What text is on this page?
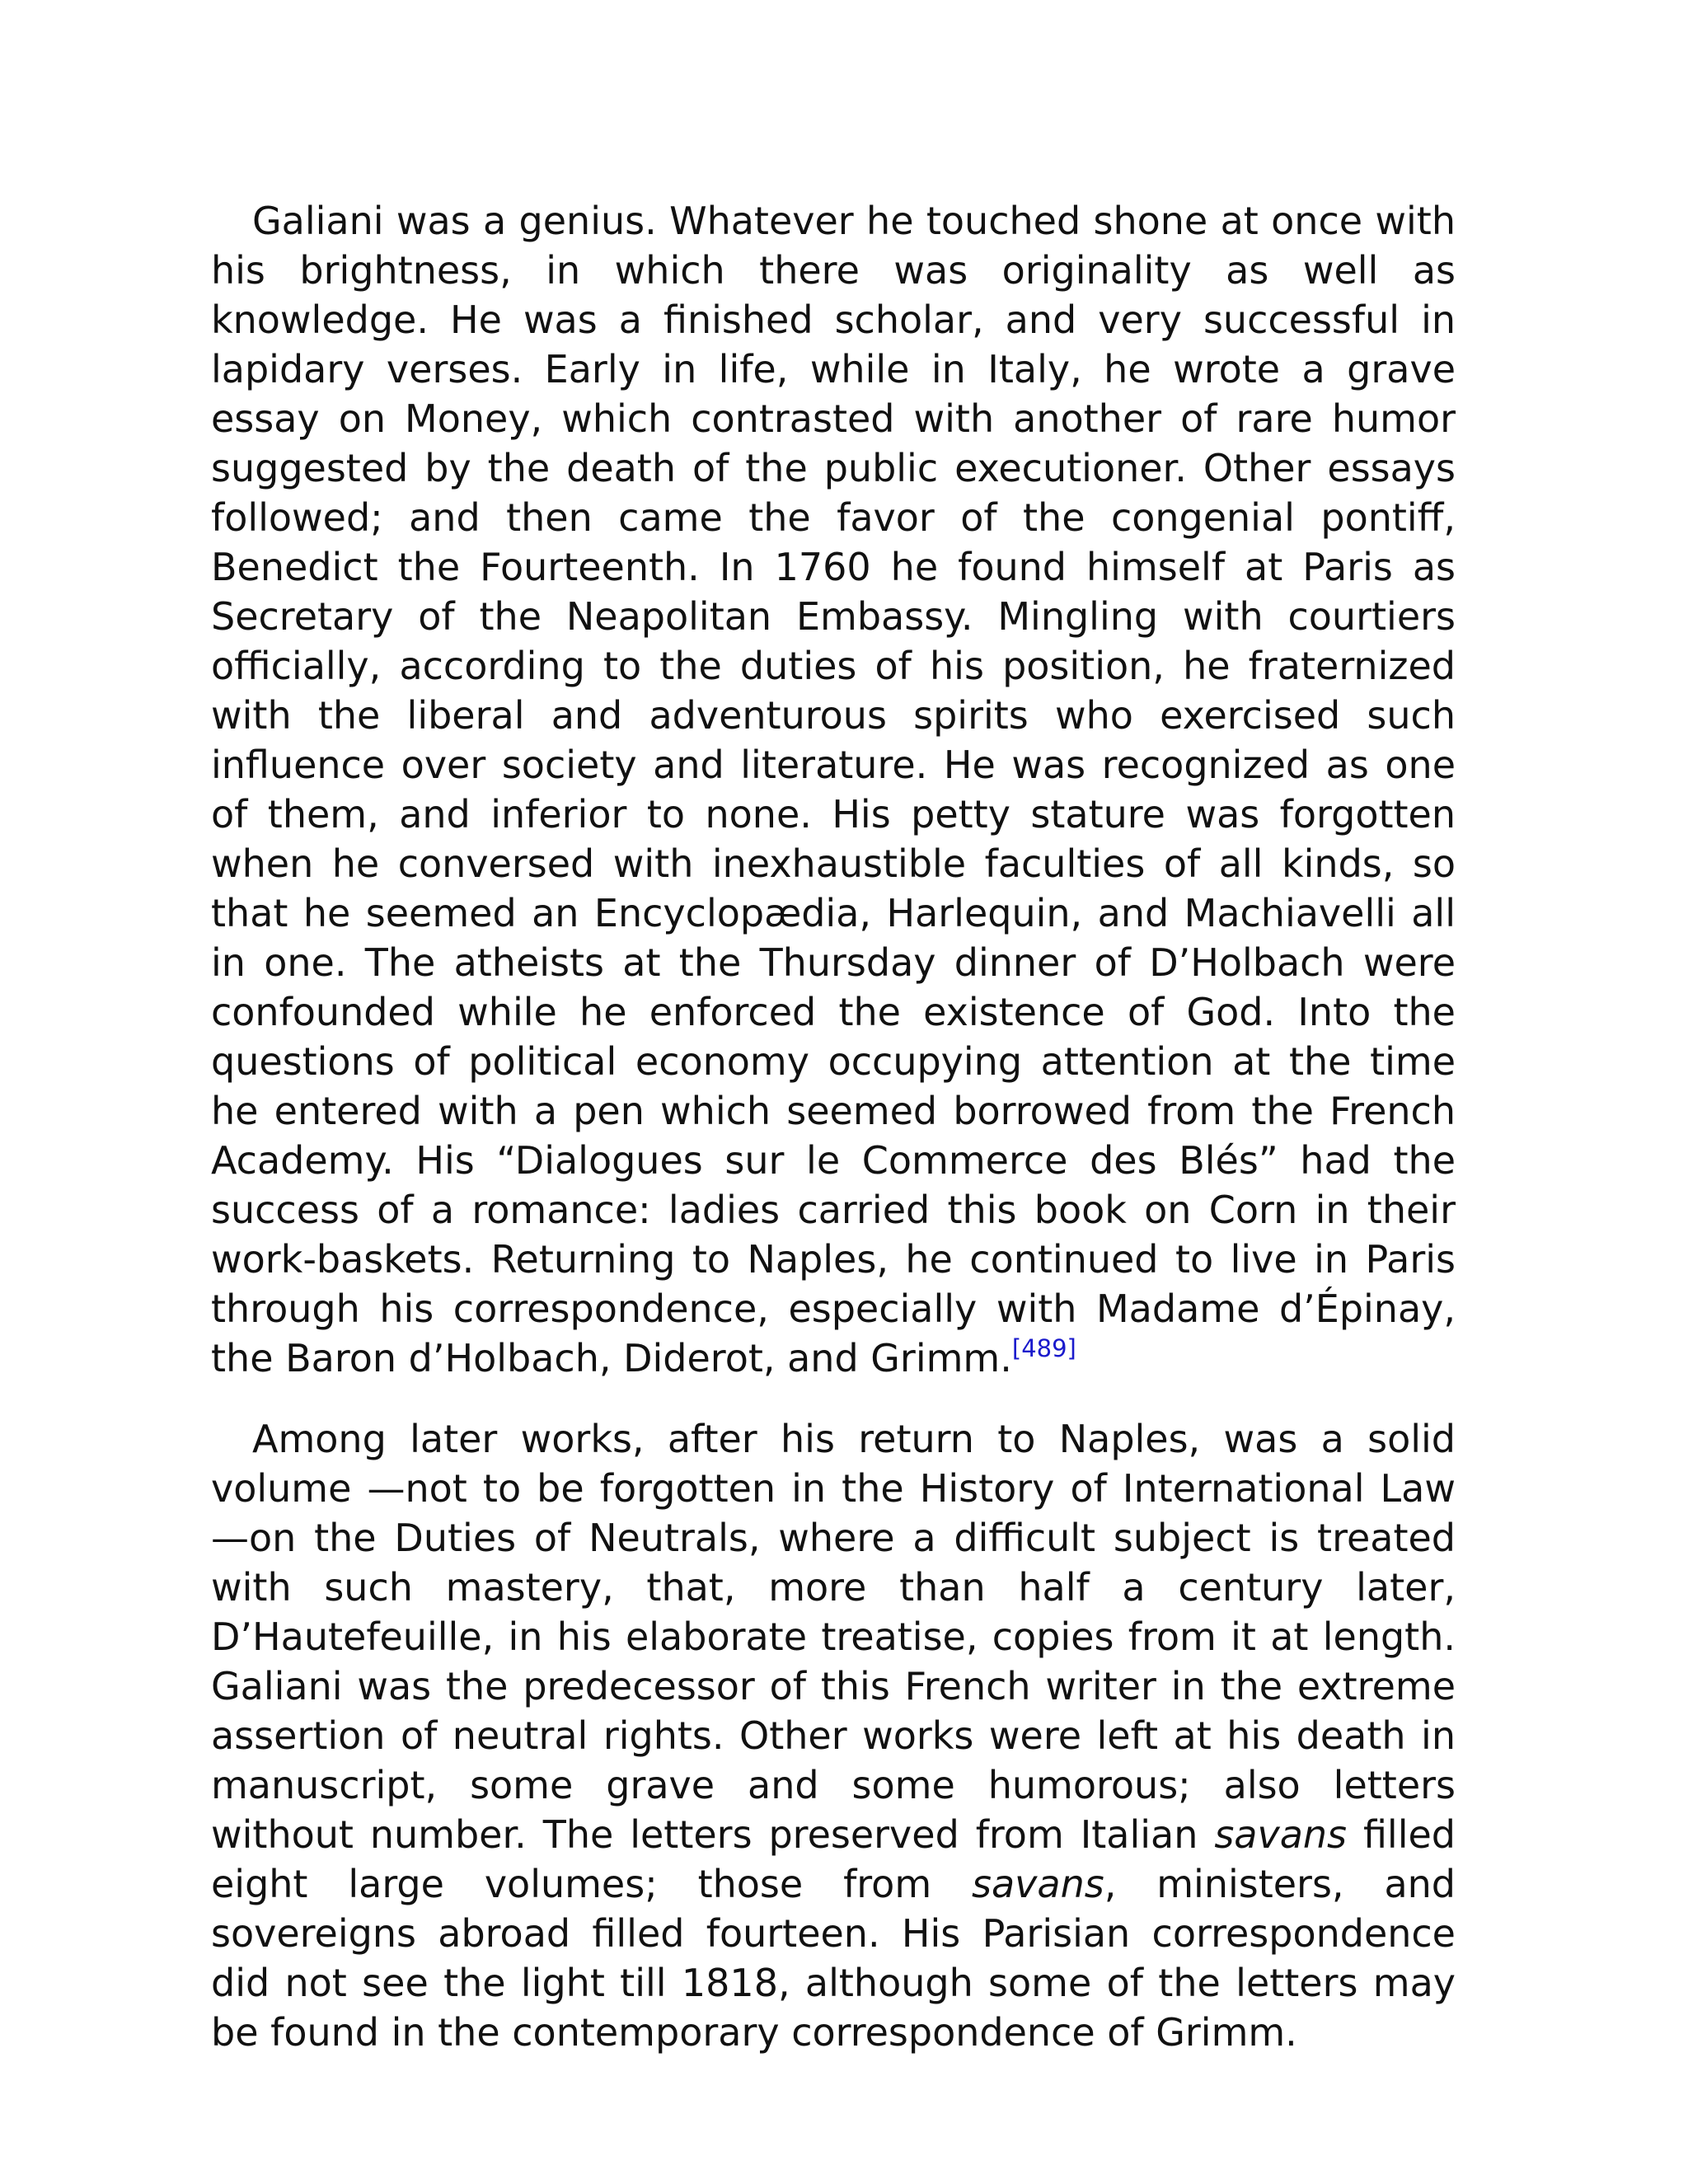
Galiani was a genius. Whatever he touched shone at once with his brightness, in which there was originality as well as knowledge. He was a finished scholar, and very successful in lapidary verses. Early in life, while in Italy, he wrote a grave essay on Money, which contrasted with another of rare humor suggested by the death of the public executioner. Other essays followed; and then came the favor of the congenial pontiff, Benedict the Fourteenth. In 1760 he found himself at Paris as Secretary of the Neapolitan Embassy. Mingling with courtiers officially, according to the duties of his position, he fraternized with the liberal and adventurous spirits who exercised such influence over society and literature. He was recognized as one of them, and inferior to none. His petty stature was forgotten when he conversed with inexhaustible faculties of all kinds, so that he seemed an Encyclopædia, Harlequin, and Machiavelli all in one. The atheists at the Thursday dinner of D’Holbach were confounded while he enforced the existence of God. Into the questions of political economy occupying attention at the time he entered with a pen which seemed borrowed from the French Academy. His “Dialogues sur le Commerce des Blés” had the success of a romance: ladies carried this book on Corn in their work-baskets. Returning to Naples, he continued to live in Paris through his correspondence, especially with Madame d’Épinay, the Baron d’Holbach, Diderot, and Grimm.[489]

Among later works, after his return to Naples, was a solid volume —not to be forgotten in the History of International Law—on the Duties of Neutrals, where a difficult subject is treated with such mastery, that, more than half a century later, D’Hautefeuille, in his elaborate treatise, copies from it at length. Galiani was the predecessor of this French writer in the extreme assertion of neutral rights. Other works were left at his death in manuscript, some grave and some humorous; also letters without number. The letters preserved from Italian savans filled eight large volumes; those from savans, ministers, and sovereigns abroad filled fourteen. His Parisian correspondence did not see the light till 1818, although some of the letters may be found in the contemporary correspondence of Grimm.
